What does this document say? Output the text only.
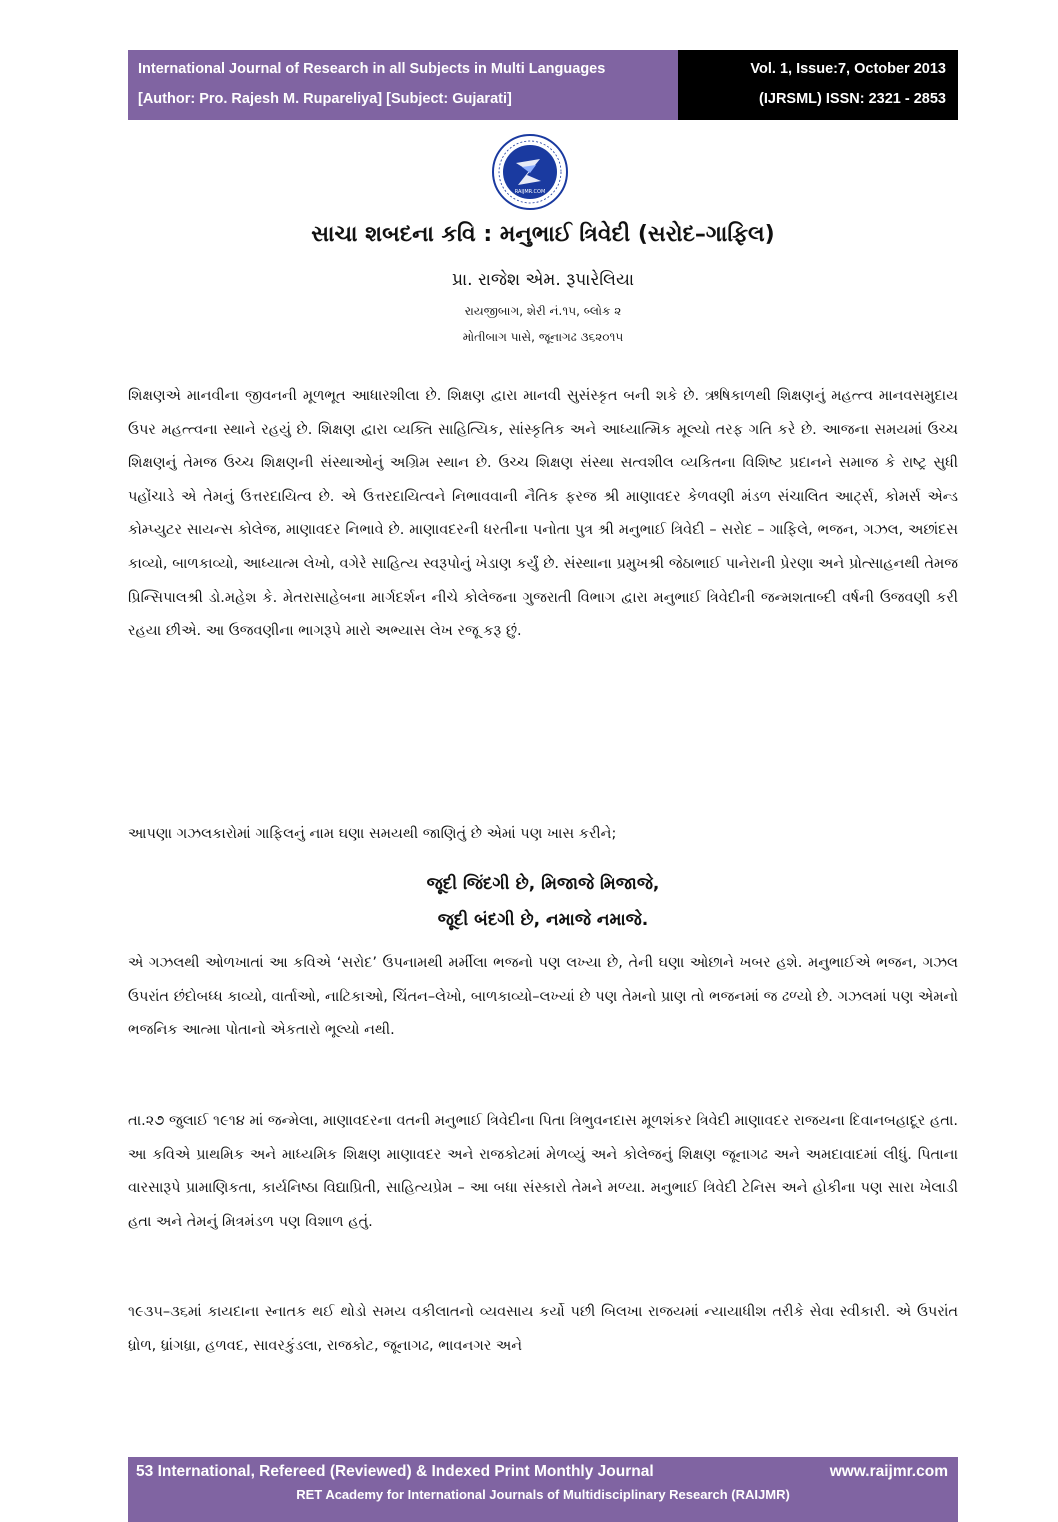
International Journal of Research in all Subjects in Multi Languages
[Author: Pro. Rajesh M. Rupareliya] [Subject: Gujarati]
Vol. 1, Issue:7, October 2013
(IJRSML) ISSN: 2321 - 2853
RAIJMR.COM
સાચા શબદના કવિ : મનુભાઈ ત્રિવેદી (સરોદ–ગાફિલ)
પ્રા. રાજેશ એમ. રૂપારેલિયા
રાયજીબાગ, શેરી નં.૧૫, બ્લોક ૨
મોતીબાગ પાસે, જૂનાગઢ ૩૬૨૦૧૫

શિક્ષણએ માનવીના જીવનની મૂળભૂત આધારશીલા છે. શિક્ષણ દ્વારા માનવી સુસંસ્કૃત બની શકે છે. ઋષિકાળથી શિક્ષણનું મહત્ત્વ માનવસમુદાય ઉપર મહત્ત્વના સ્થાને રહયું છે. શિક્ષણ દ્વારા વ્યક્તિ સાહિત્યિક, સાંસ્કૃતિક અને આધ્યાત્મિક મૂલ્યો તરફ ગતિ કરે છે. આજના સમયમાં ઉચ્ચ શિક્ષણનું તેમજ ઉચ્ચ શિક્ષણની સંસ્થાઓનું અગ્રિમ સ્થાન છે. ઉચ્ચ શિક્ષણ સંસ્થા સત્વશીલ વ્યકિતના વિશિષ્ટ પ્રદાનને સમાજ કે રાષ્ટ્ર સુધી પહોંચાડે એ તેમનું ઉત્તરદાયિત્વ છે. એ ઉત્તરદાયિત્વને નિભાવવાની નૈતિક ફરજ શ્રી માણાવદર કેળવણી મંડળ સંચાલિત આર્ટ્સ, કોમર્સ એન્ડ કોમ્પ્યુટર સાયન્સ કોલેજ, માણાવદર નિભાવે છે. માણાવદરની ધરતીના પનોતા પુત્ર શ્રી મનુભાઈ ત્રિવેદી – સરોદ – ગાફિલે, ભજન, ગઝલ, અછાંદસ કાવ્યો, બાળકાવ્યો, આધ્યાત્મ લેખો, વગેરે સાહિત્ય સ્વરૂપોનું ખેડાણ કર્યું છે. સંસ્થાના પ્રમુખશ્રી જેઠાભાઈ પાનેરાની પ્રેરણા અને પ્રોત્સાહનથી તેમજ પ્રિન્સિપાલશ્રી ડો.મહેશ કે. મેતરાસાહેબના માર્ગદર્શન નીચે કોલેજના ગુજરાતી વિભાગ દ્વારા મનુભાઈ ત્રિવેદીની જન્મશતાબ્દી વર્ષની ઉજવણી કરી રહયા છીએ. આ ઉજવણીના ભાગરૂપે મારો અભ્યાસ લેખ રજૂ કરૂ છું.

આપણા ગઝલકારોમાં ગાફિલનું નામ ઘણા સમયથી જાણિતું છે એમાં પણ ખાસ કરીને;
જૂદી જિંદગી છે, મિજાજે મિજાજે,
જૂદી બંદગી છે, નમાજે નમાજે.

એ ગઝલથી ઓળખાતાં આ કવિએ ‘સરોદ’ ઉપનામથી મર્મીલા ભજનો પણ લખ્યા છે, તેની ઘણા ઓછાને ખબર હશે. મનુભાઈએ ભજન, ગઝલ ઉપરાંત છંદોબધ્ધ કાવ્યો, વાર્તાઓ, નાટિકાઓ, ચિંતન–લેખો, બાળકાવ્યો–લખ્યાં છે પણ તેમનો પ્રાણ તો ભજનમાં જ ઢળ્યો છે. ગઝલમાં પણ એમનો ભજનિક આત્મા પોતાનો એકતારો ભૂલ્યો નથી.

તા.૨૭ જુલાઈ ૧૯૧૪ માં જન્મેલા, માણાવદરના વતની મનુભાઈ ત્રિવેદીના પિતા ત્રિભુવનદાસ મૂળશંકર ત્રિવેદી માણાવદર રાજયના દિવાનબહાદૂર હતા. આ કવિએ પ્રાથમિક અને માધ્યમિક શિક્ષણ માણાવદર અને રાજકોટમાં મેળવ્યું અને કોલેજનું શિક્ષણ જૂનાગઢ અને અમદાવાદમાં લીધું. પિતાના વારસારૂપે પ્રામાણિકતા, કાર્યનિષ્ઠા વિદ્યાપ્રિતી, સાહિત્યપ્રેમ – આ બધા સંસ્કારો તેમને મળ્યા. મનુભાઈ ત્રિવેદી ટેનિસ અને હોકીના પણ સારા ખેલાડી હતા અને તેમનું મિત્રમંડળ પણ વિશાળ હતું.

૧૯૩૫–૩૬માં કાયદાના સ્નાતક થઈ થોડો સમય વકીલાતનો વ્યવસાય કર્યો પછી બિલખા રાજયમાં ન્યાયાધીશ તરીકે સેવા સ્વીકારી. એ ઉપરાંત ધ્રોળ, ધ્રાંગધ્રા, હળવદ, સાવરકુંડલા, રાજકોટ, જૂનાગઢ, ભાવનગર અને

53 International, Refereed (Reviewed) & Indexed Print Monthly Journal	www.raijmr.com
RET Academy for International Journals of Multidisciplinary Research (RAIJMR)
